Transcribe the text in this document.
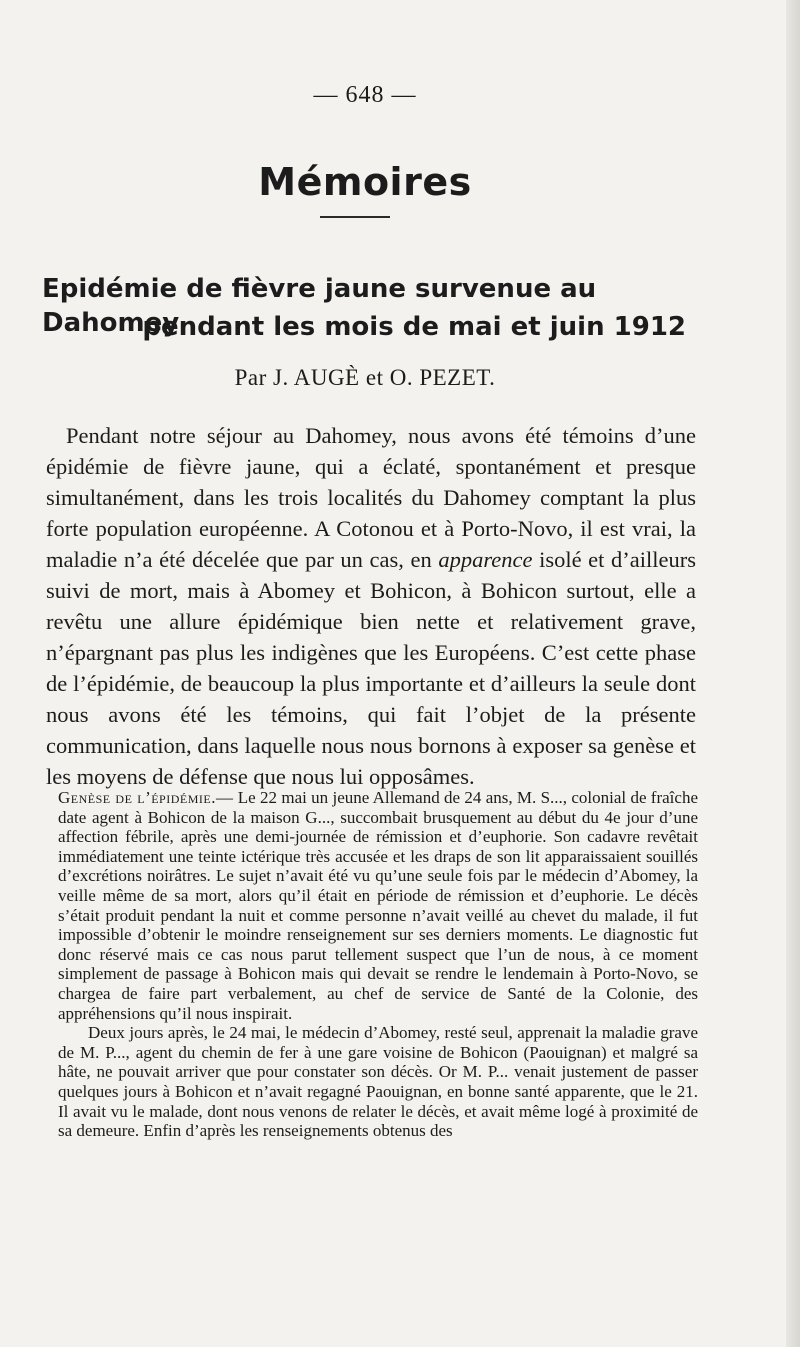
— 648 —
Mémoires
Epidémie de fièvre jaune survenue au Dahomey
pendant les mois de mai et juin 1912
Par J. AUGÈ et O. PEZET.

Pendant notre séjour au Dahomey, nous avons été témoins d’une épidémie de fièvre jaune, qui a éclaté, spontanément et presque simultanément, dans les trois localités du Dahomey comptant la plus forte population européenne. A Cotonou et à Porto-Novo, il est vrai, la maladie n’a été décelée que par un cas, en apparence isolé et d’ailleurs suivi de mort, mais à Abomey et Bohicon, à Bohicon surtout, elle a revêtu une allure épidémique bien nette et relativement grave, n’épargnant pas plus les indigènes que les Européens. C’est cette phase de l’épidémie, de beaucoup la plus importante et d’ailleurs la seule dont nous avons été les témoins, qui fait l’objet de la présente communication, dans laquelle nous nous bornons à exposer sa genèse et les moyens de défense que nous lui opposâmes.

Genèse de l’épidémie.— Le 22 mai un jeune Allemand de 24 ans, M. S..., colonial de fraîche date agent à Bohicon de la maison G..., succombait brusquement au début du 4e jour d’une affection fébrile, après une demi-journée de rémission et d’euphorie. Son cadavre revêtait immédiatement une teinte ictérique très accusée et les draps de son lit apparaissaient souillés d’excrétions noirâtres. Le sujet n’avait été vu qu’une seule fois par le médecin d’Abomey, la veille même de sa mort, alors qu’il était en période de rémission et d’euphorie. Le décès s’était produit pendant la nuit et comme personne n’avait veillé au chevet du malade, il fut impossible d’obtenir le moindre renseignement sur ses derniers moments. Le diagnostic fut donc réservé mais ce cas nous parut tellement suspect que l’un de nous, à ce moment simplement de passage à Bohicon mais qui devait se rendre le lendemain à Porto-Novo, se chargea de faire part verbalement, au chef de service de Santé de la Colonie, des appréhensions qu’il nous inspirait.

Deux jours après, le 24 mai, le médecin d’Abomey, resté seul, apprenait la maladie grave de M. P..., agent du chemin de fer à une gare voisine de Bohicon (Paouignan) et malgré sa hâte, ne pouvait arriver que pour constater son décès. Or M. P... venait justement de passer quelques jours à Bohicon et n’avait regagné Paouignan, en bonne santé apparente, que le 21. Il avait vu le malade, dont nous venons de relater le décès, et avait même logé à proximité de sa demeure. Enfin d’après les renseignements obtenus des
